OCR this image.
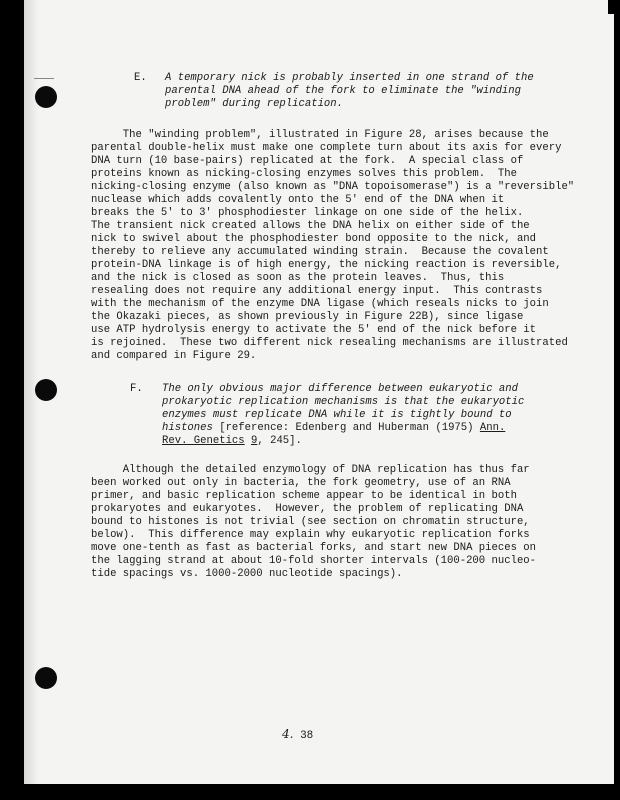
E. A temporary nick is probably inserted in one strand of the
parental DNA ahead of the fork to eliminate the "winding
problem" during replication.
The "winding problem", illustrated in Figure 28, arises because the
parental double-helix must make one complete turn about its axis for every
DNA turn (10 base-pairs) replicated at the fork.  A special class of
proteins known as nicking-closing enzymes solves this problem.  The
nicking-closing enzyme (also known as "DNA topoisomerase") is a "reversible"
nuclease which adds covalently onto the 5' end of the DNA when it
breaks the 5' to 3' phosphodiester linkage on one side of the helix.
The transient nick created allows the DNA helix on either side of the
nick to swivel about the phosphodiester bond opposite to the nick, and
thereby to relieve any accumulated winding strain.  Because the covalent
protein-DNA linkage is of high energy, the nicking reaction is reversible,
and the nick is closed as soon as the protein leaves.  Thus, this
resealing does not require any additional energy input.  This contrasts
with the mechanism of the enzyme DNA ligase (which reseals nicks to join
the Okazaki pieces, as shown previously in Figure 22B), since ligase
use ATP hydrolysis energy to activate the 5' end of the nick before it
is rejoined.  These two different nick resealing mechanisms are illustrated
and compared in Figure 29.
F. The only obvious major difference between eukaryotic and
prokaryotic replication mechanisms is that the eukaryotic
enzymes must replicate DNA while it is tightly bound to
histones [reference: Edenberg and Huberman (1975) Ann.
Rev. Genetics 9, 245].
Although the detailed enzymology of DNA replication has thus far
been worked out only in bacteria, the fork geometry, use of an RNA
primer, and basic replication scheme appear to be identical in both
prokaryotes and eukaryotes.  However, the problem of replicating DNA
bound to histones is not trivial (see section on chromatin structure,
below).  This difference may explain why eukaryotic replication forks
move one-tenth as fast as bacterial forks, and start new DNA pieces on
the lagging strand at about 10-fold shorter intervals (100-200 nucleo-
tide spacings vs. 1000-2000 nucleotide spacings).
4. 38
